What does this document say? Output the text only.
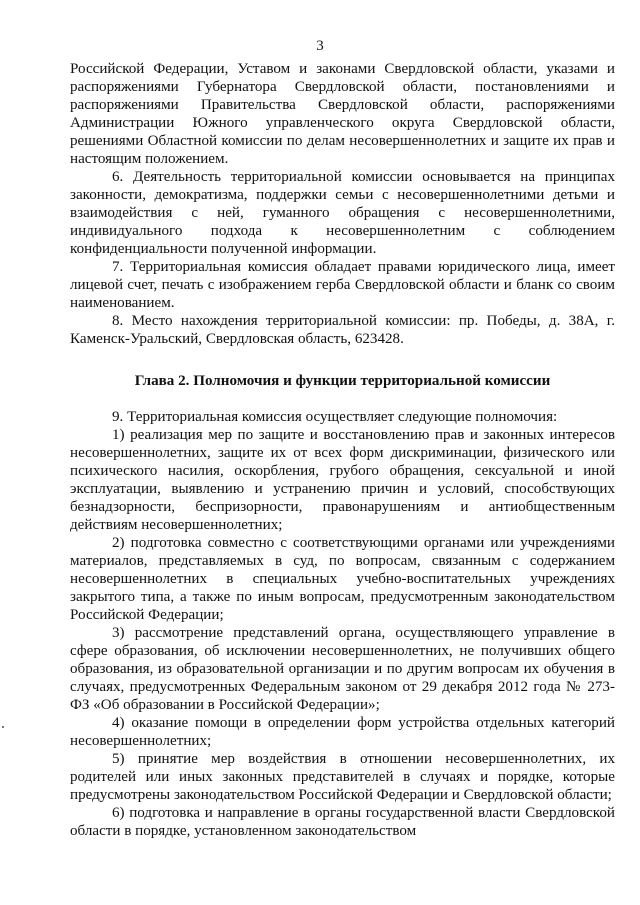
3

Российской Федерации, Уставом и законами Свердловской области, указами и распоряжениями Губернатора Свердловской области, постановлениями и распоряжениями Правительства Свердловской области, распоряжениями Администрации Южного управленческого округа Свердловской области, решениями Областной комиссии по делам несовершеннолетних и защите их прав и настоящим положением.

6. Деятельность территориальной комиссии основывается на принципах законности, демократизма, поддержки семьи с несовершеннолетними детьми и взаимодействия с ней, гуманного обращения с несовершеннолетними, индивидуального подхода к несовершеннолетним с соблюдением конфиденциальности полученной информации.

7. Территориальная комиссия обладает правами юридического лица, имеет лицевой счет, печать с изображением герба Свердловской области и бланк со своим наименованием.

8. Место нахождения территориальной комиссии: пр. Победы, д. 38А, г. Каменск-Уральский, Свердловская область, 623428.

Глава 2. Полномочия и функции территориальной комиссии

9. Территориальная комиссия осуществляет следующие полномочия:

1) реализация мер по защите и восстановлению прав и законных интересов несовершеннолетних, защите их от всех форм дискриминации, физического или психического насилия, оскорбления, грубого обращения, сексуальной и иной эксплуатации, выявлению и устранению причин и условий, способствующих безнадзорности, беспризорности, правонарушениям и антиобщественным действиям несовершеннолетних;

2) подготовка совместно с соответствующими органами или учреждениями материалов, представляемых в суд, по вопросам, связанным с содержанием несовершеннолетних в специальных учебно-воспитательных учреждениях закрытого типа, а также по иным вопросам, предусмотренным законодательством Российской Федерации;

3) рассмотрение представлений органа, осуществляющего управление в сфере образования, об исключении несовершеннолетних, не получивших общего образования, из образовательной организации и по другим вопросам их обучения в случаях, предусмотренных Федеральным законом от 29 декабря 2012 года № 273-ФЗ «Об образовании в Российской Федерации»;

4) оказание помощи в определении форм устройства отдельных категорий несовершеннолетних;

5) принятие мер воздействия в отношении несовершеннолетних, их родителей или иных законных представителей в случаях и порядке, которые предусмотрены законодательством Российской Федерации и Свердловской области;

6) подготовка и направление в органы государственной власти Свердловской области в порядке, установленном законодательством
